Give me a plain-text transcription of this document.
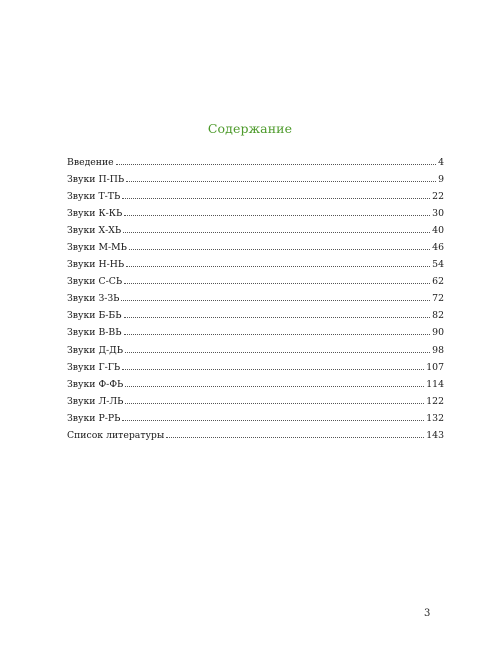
Содержание
Введение	4
Звуки П-ПЬ	9
Звуки Т-ТЬ	22
Звуки К-КЬ	30
Звуки Х-ХЬ	40
Звуки М-МЬ	46
Звуки Н-НЬ	54
Звуки С-СЬ	62
Звуки З-ЗЬ	72
Звуки Б-БЬ	82
Звуки В-ВЬ	90
Звуки Д-ДЬ	98
Звуки Г-ГЬ	107
Звуки Ф-ФЬ	114
Звуки Л-ЛЬ	122
Звуки Р-РЬ	132
Список литературы	143
3
